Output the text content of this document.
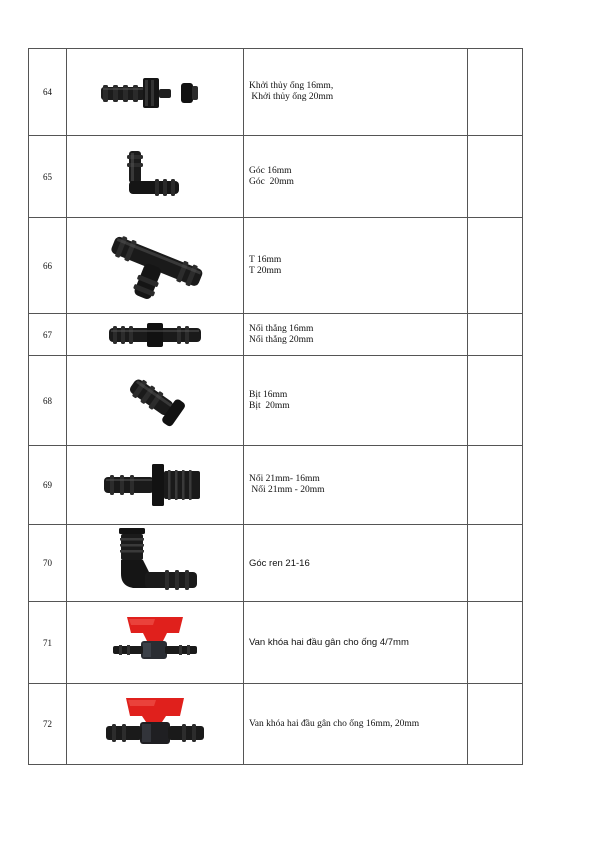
64		Khởi thủy ống 16mm,
Khởi thủy ống 20mm	

65		Góc 16mm
Góc  20mm	

66		T 16mm
T 20mm	

67		Nối thẳng 16mm
Nối thẳng 20mm	

68		Bịt 16mm
Bịt  20mm	

69		Nối 21mm- 16mm
Nối 21mm - 20mm	

70		Góc ren 21-16	

71		Van khóa hai đầu gân cho ống 4/7mm	

72		Van khóa hai đầu gân cho ống 16mm, 20mm	
